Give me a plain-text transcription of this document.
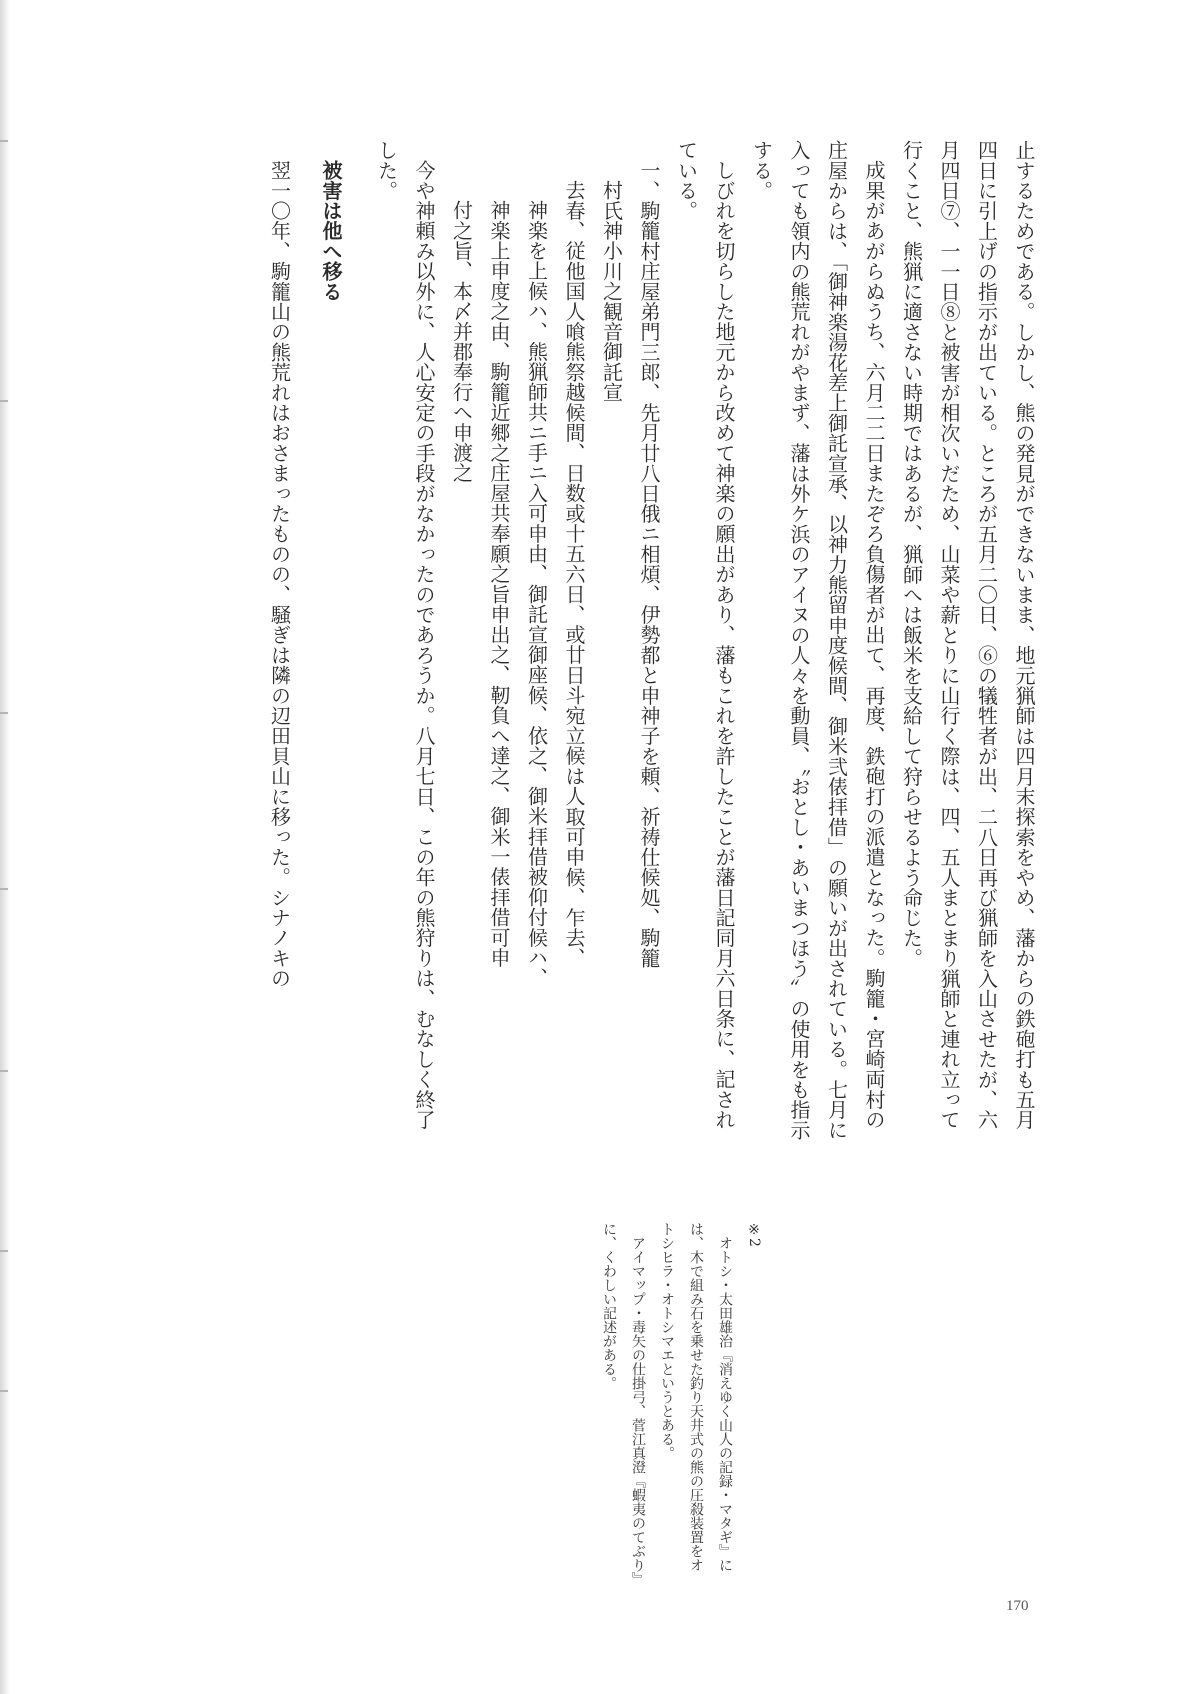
止するためである。しかし、熊の発見ができないまま、地元猟師は四月末探索をやめ、藩からの鉄砲打も五月四日に引上げの指示が出ている。ところが五月二〇日、⑥の犠牲者が出、二八日再び猟師を入山させたが、六月四日⑦、一一日⑧と被害が相次いだため、山菜や薪とりに山行く際は、四、五人まとまり猟師と連れ立って行くこと、熊猟に適さない時期ではあるが、猟師へは飯米を支給して狩らせるよう命じた。

成果があがらぬうち、六月二二日またぞろ負傷者が出て、再度、鉄砲打の派遣となった。駒籠・宮崎両村の庄屋からは、「御神楽湯花差上御託宣承、以神力熊留申度候間、御米弐俵拝借」の願いが出されている。七月に入っても領内の熊荒れがやまず、藩は外ケ浜のアイヌの人々を動員、〝おとし・あいまつほう〟の使用をも指示する。

しびれを切らした地元から改めて神楽の願出があり、藩もこれを許したことが藩日記同月六日条に、記されている。

一、駒籠村庄屋弟門三郎、先月廿八日俄ニ相煩、伊勢都と申神子を頼、祈祷仕候処、駒籠

村氏神小川之観音御託宣

去春、従他国人喰熊祭越候間、日数或十五六日、或廿日斗宛立候は人取可申候、乍去、

神楽を上候ハ、熊猟師共ニ手ニ入可申由、御託宣御座候、依之、御米拝借被仰付候ハ、

神楽上申度之由、駒籠近郷之庄屋共奉願之旨申出之、靭負へ達之、御米一俵拝借可申

付之旨、本〆并郡奉行へ申渡之

今や神頼み以外に、人心安定の手段がなかったのであろうか。八月七日、この年の熊狩りは、むなしく終了した。

被害は他へ移る

翌一〇年、駒籠山の熊荒れはおさまったものの、騒ぎは隣の辺田貝山に移った。シナノキの

※2

オトシ・太田雄治『消えゆく山人の記録・マタギ』には、木で組み石を乗せた釣り天井式の熊の圧殺装置をオトシヒラ・オトシマエというとある。

アイマップ・毒矢の仕掛弓、菅江真澄『蝦夷のてぶり』に、くわしい記述がある。

170
